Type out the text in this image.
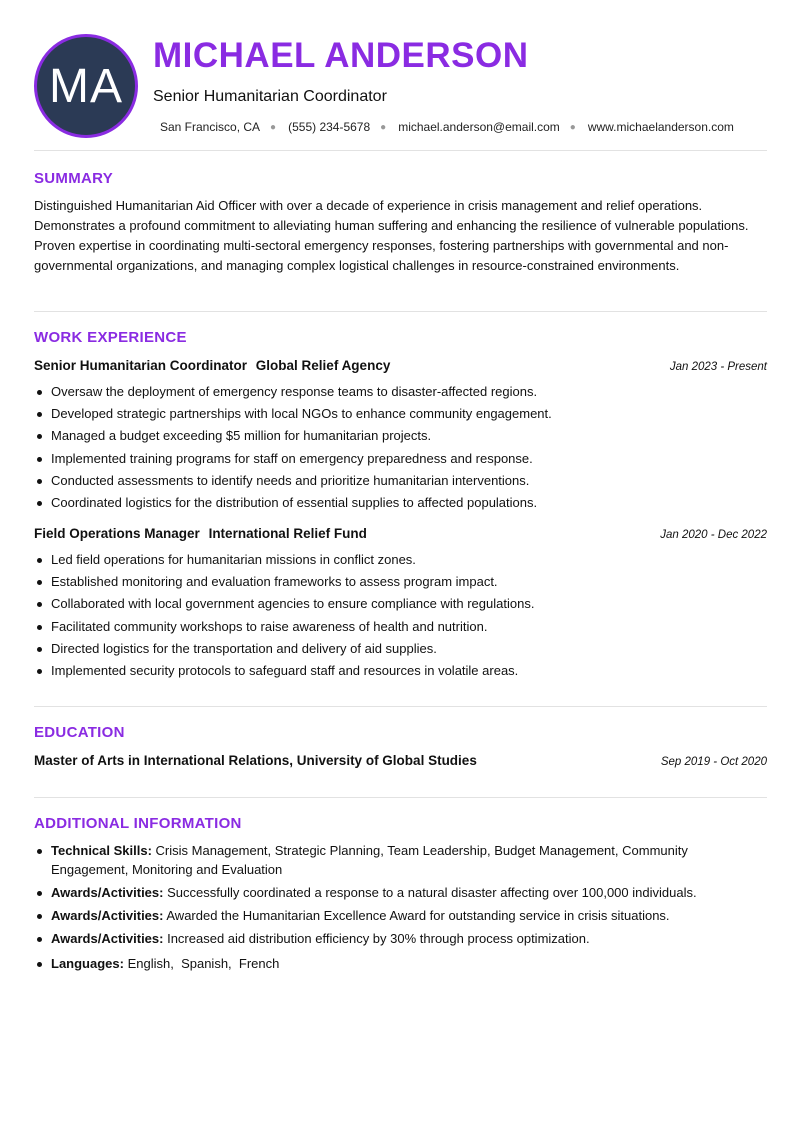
MA
MICHAEL ANDERSON
Senior Humanitarian Coordinator
San Francisco, CA ● (555) 234-5678 ● michael.anderson@email.com ● www.michaelanderson.com
SUMMARY

Distinguished Humanitarian Aid Officer with over a decade of experience in crisis management and relief operations. Demonstrates a profound commitment to alleviating human suffering and enhancing the resilience of vulnerable populations. Proven expertise in coordinating multi-sectoral emergency responses, fostering partnerships with governmental and non-governmental organizations, and managing complex logistical challenges in resource-constrained environments.

WORK EXPERIENCE
Senior Humanitarian Coordinator Global Relief Agency	Jan 2023 - Present
Oversaw the deployment of emergency response teams to disaster-affected regions.
Developed strategic partnerships with local NGOs to enhance community engagement.
Managed a budget exceeding $5 million for humanitarian projects.
Implemented training programs for staff on emergency preparedness and response.
Conducted assessments to identify needs and prioritize humanitarian interventions.
Coordinated logistics for the distribution of essential supplies to affected populations.
Field Operations Manager International Relief Fund	Jan 2020 - Dec 2022
Led field operations for humanitarian missions in conflict zones.
Established monitoring and evaluation frameworks to assess program impact.
Collaborated with local government agencies to ensure compliance with regulations.
Facilitated community workshops to raise awareness of health and nutrition.
Directed logistics for the transportation and delivery of aid supplies.
Implemented security protocols to safeguard staff and resources in volatile areas.
EDUCATION
Master of Arts in International Relations, University of Global Studies	Sep 2019 - Oct 2020
ADDITIONAL INFORMATION
Technical Skills: Crisis Management, Strategic Planning, Team Leadership, Budget Management, Community Engagement, Monitoring and Evaluation
Awards/Activities: Successfully coordinated a response to a natural disaster affecting over 100,000 individuals.
Awards/Activities: Awarded the Humanitarian Excellence Award for outstanding service in crisis situations.
Awards/Activities: Increased aid distribution efficiency by 30% through process optimization.
Languages: English,  Spanish,  French
